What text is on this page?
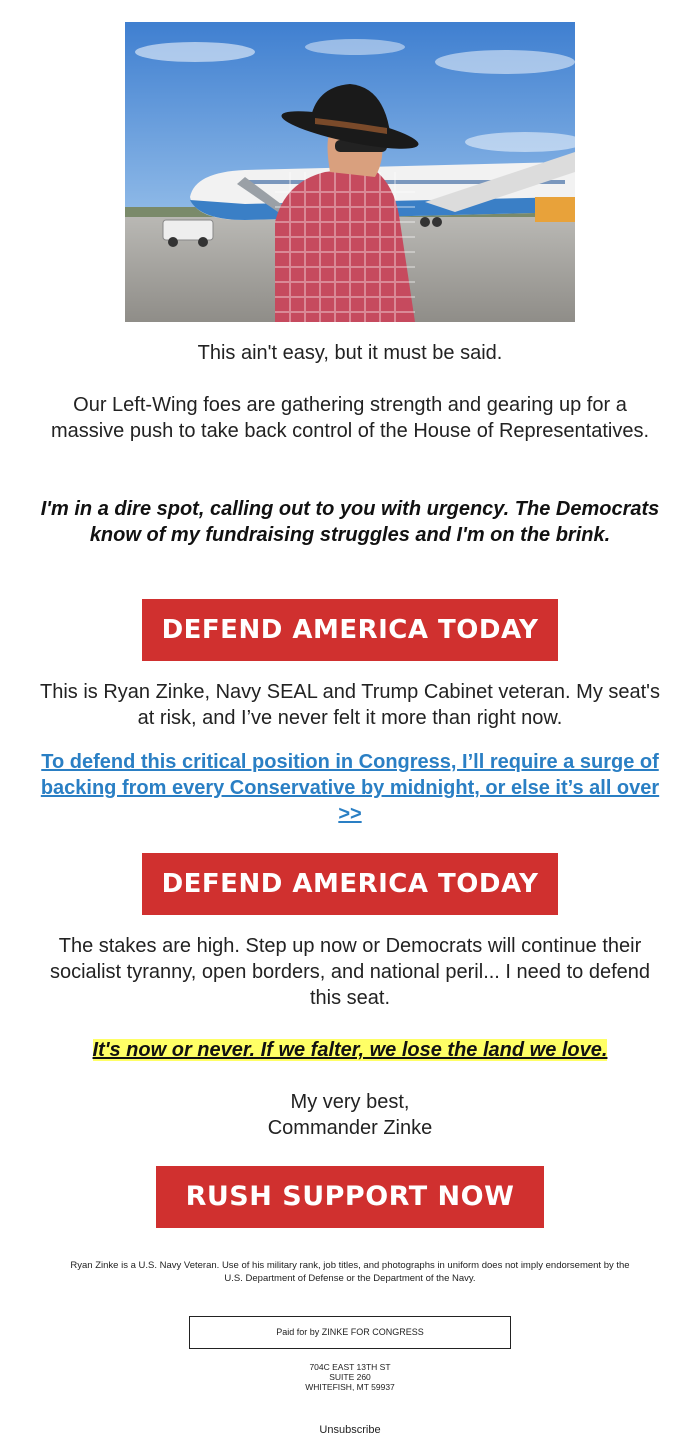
This ain't easy, but it must be said.
Our Left-Wing foes are gathering strength and gearing up for a massive push to take back control of the House of Representatives.
I'm in a dire spot, calling out to you with urgency. The Democrats know of my fundraising struggles and I'm on the brink.
DEFEND AMERICA TODAY
This is Ryan Zinke, Navy SEAL and Trump Cabinet veteran. My seat's at risk, and I’ve never felt it more than right now.
To defend this critical position in Congress, I’ll require a surge of backing from every Conservative by midnight, or else it’s all over >>
DEFEND AMERICA TODAY
The stakes are high. Step up now or Democrats will continue their socialist tyranny, open borders, and national peril... I need to defend this seat.
It's now or never. If we falter, we lose the land we love.
My very best,
Commander Zinke
RUSH SUPPORT NOW
Ryan Zinke is a U.S. Navy Veteran. Use of his military rank, job titles, and photographs in uniform does not imply endorsement by the U.S. Department of Defense or the Department of the Navy.
Paid for by ZINKE FOR CONGRESS
704C EAST 13TH ST
SUITE 260
WHITEFISH, MT 59937
Unsubscribe
